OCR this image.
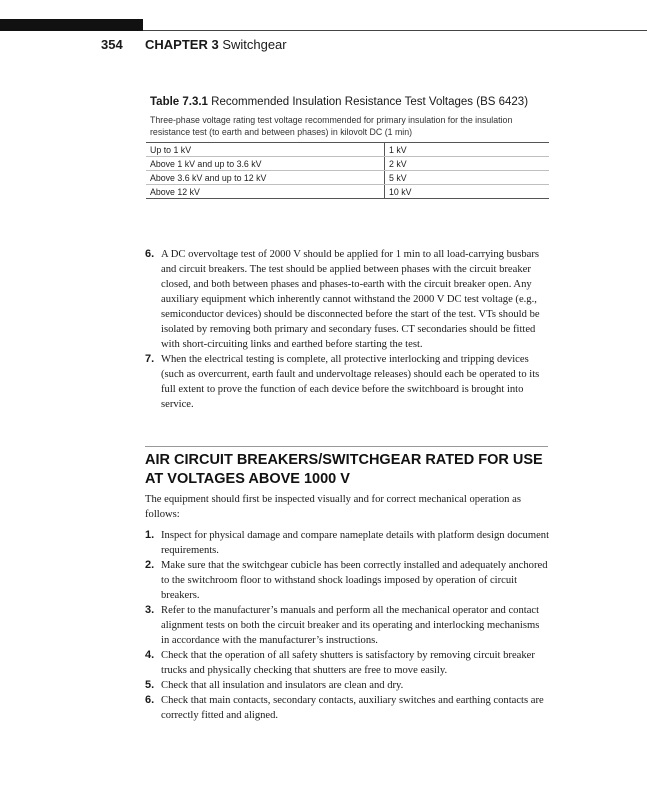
354 CHAPTER 3 Switchgear
Table 7.3.1 Recommended Insulation Resistance Test Voltages (BS 6423)
Three-phase voltage rating test voltage recommended for primary insulation for the insulation resistance test (to earth and between phases) in kilovolt DC (1 min)
Up to 1 kV	1 kV
Above 1 kV and up to 3.6 kV	2 kV
Above 3.6 kV and up to 12 kV	5 kV
Above 12 kV	10 kV
6. A DC overvoltage test of 2000 V should be applied for 1 min to all load-carrying busbars and circuit breakers. The test should be applied between phases with the circuit breaker closed, and both between phases and phases-to-earth with the circuit breaker open. Any auxiliary equipment which inherently cannot withstand the 2000 V DC test voltage (e.g., semiconductor devices) should be disconnected before the start of the test. VTs should be isolated by removing both primary and secondary fuses. CT secondaries should be fitted with short-circuiting links and earthed before starting the test.
7. When the electrical testing is complete, all protective interlocking and tripping devices (such as overcurrent, earth fault and undervoltage releases) should each be operated to its full extent to prove the function of each device before the switchboard is brought into service.
AIR CIRCUIT BREAKERS/SWITCHGEAR RATED FOR USE AT VOLTAGES ABOVE 1000 V

The equipment should first be inspected visually and for correct mechanical operation as follows:

1. Inspect for physical damage and compare nameplate details with platform design document requirements.
2. Make sure that the switchgear cubicle has been correctly installed and adequately anchored to the switchroom floor to withstand shock loadings imposed by operation of circuit breakers.
3. Refer to the manufacturer’s manuals and perform all the mechanical operator and contact alignment tests on both the circuit breaker and its operating and interlocking mechanisms in accordance with the manufacturer’s instructions.
4. Check that the operation of all safety shutters is satisfactory by removing circuit breaker trucks and physically checking that shutters are free to move easily.
5. Check that all insulation and insulators are clean and dry.
6. Check that main contacts, secondary contacts, auxiliary switches and earthing contacts are correctly fitted and aligned.
